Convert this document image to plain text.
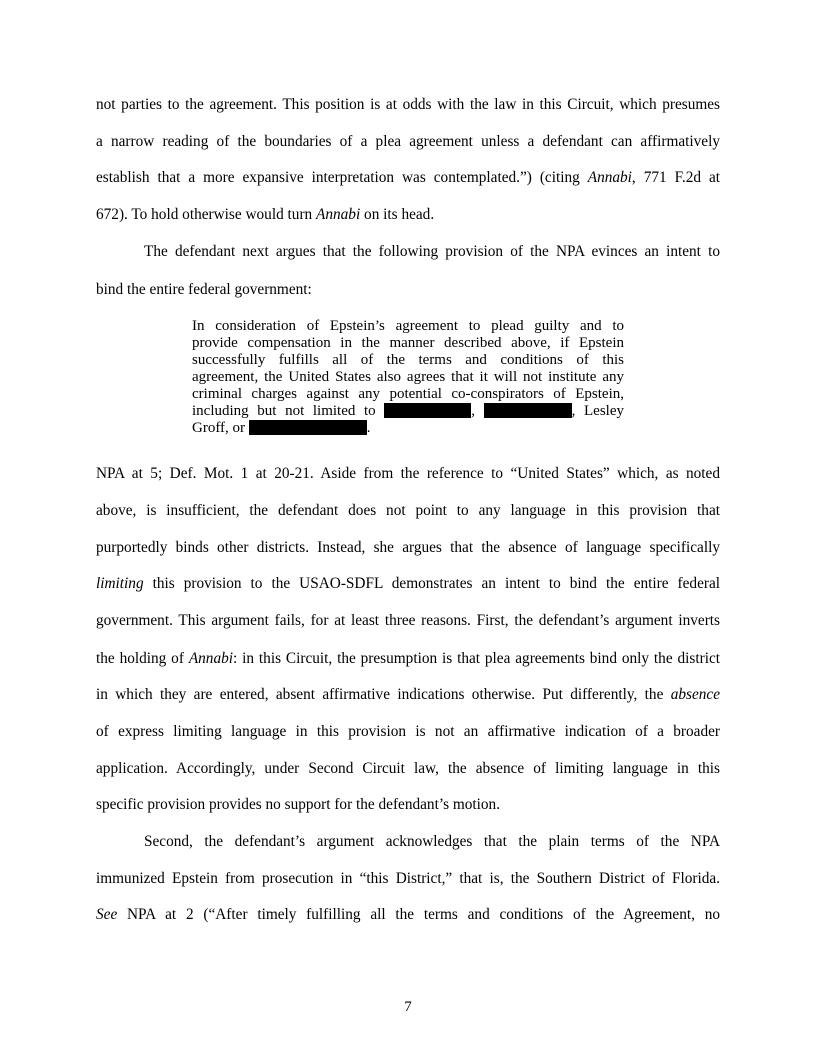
not parties to the agreement. This position is at odds with the law in this Circuit, which presumes
a narrow reading of the boundaries of a plea agreement unless a defendant can affirmatively
establish that a more expansive interpretation was contemplated.”) (citing Annabi, 771 F.2d at
672). To hold otherwise would turn Annabi on its head.
The defendant next argues that the following provision of the NPA evinces an intent to
bind the entire federal government:
In consideration of Epstein’s agreement to plead guilty and to
provide compensation in the manner described above, if Epstein
successfully fulfills all of the terms and conditions of this
agreement, the United States also agrees that it will not institute any
criminal charges against any potential co-conspirators of Epstein,
including but not limited to	,	, Lesley
Groff, or	.
NPA at 5; Def. Mot. 1 at 20-21. Aside from the reference to “United States” which, as noted
above, is insufficient, the defendant does not point to any language in this provision that
purportedly binds other districts. Instead, she argues that the absence of language specifically
limiting this provision to the USAO-SDFL demonstrates an intent to bind the entire federal
government. This argument fails, for at least three reasons. First, the defendant’s argument inverts
the holding of Annabi: in this Circuit, the presumption is that plea agreements bind only the district
in which they are entered, absent affirmative indications otherwise. Put differently, the absence
of express limiting language in this provision is not an affirmative indication of a broader
application. Accordingly, under Second Circuit law, the absence of limiting language in this
specific provision provides no support for the defendant’s motion.
Second, the defendant’s argument acknowledges that the plain terms of the NPA
immunized Epstein from prosecution in “this District,” that is, the Southern District of Florida.
See NPA at 2 (“After timely fulfilling all the terms and conditions of the Agreement, no
7
